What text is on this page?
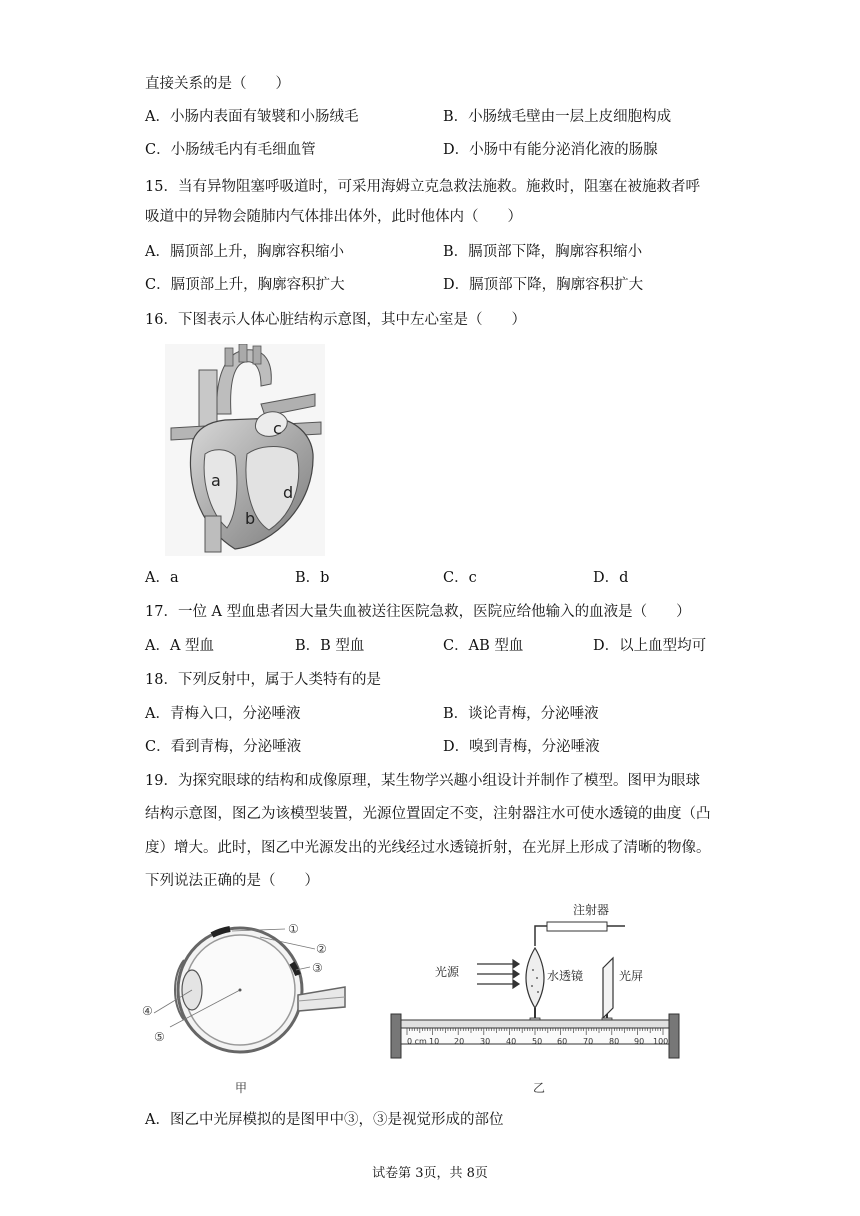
直接关系的是（　　）
A．小肠内表面有皱襞和小肠绒毛	B．小肠绒毛壁由一层上皮细胞构成
C．小肠绒毛内有毛细血管	D．小肠中有能分泌消化液的肠腺
15．当有异物阻塞呼吸道时，可采用海姆立克急救法施救。施救时，阻塞在被施救者呼
吸道中的异物会随肺内气体排出体外，此时他体内（　　）
A．膈顶部上升，胸廓容积缩小	B．膈顶部下降，胸廓容积缩小
C．膈顶部上升，胸廓容积扩大	D．膈顶部下降，胸廓容积扩大
16．下图表示人体心脏结构示意图，其中左心室是（　　）
a
b
c
d
A．a	B．b	C．c	D．d
17．一位 A 型血患者因大量失血被送往医院急救，医院应给他输入的血液是（　　）
A．A 型血	B．B 型血	C．AB 型血	D．以上血型均可
18．下列反射中，属于人类特有的是
A．青梅入口，分泌唾液	B．谈论青梅，分泌唾液
C．看到青梅，分泌唾液	D．嗅到青梅，分泌唾液
19．为探究眼球的结构和成像原理，某生物学兴趣小组设计并制作了模型。图甲为眼球
结构示意图，图乙为该模型装置，光源位置固定不变，注射器注水可使水透镜的曲度（凸
度）增大。此时，图乙中光源发出的光线经过水透镜折射，在光屏上形成了清晰的物像。
下列说法正确的是（　　）
①
②
③
④
⑤
甲
注射器
水透镜
光源	光屏
0 cm 10 20 30 40 50 60 70 80 90 100
乙
A．图乙中光屏模拟的是图甲中③，③是视觉形成的部位
试卷第 3页，共 8页
